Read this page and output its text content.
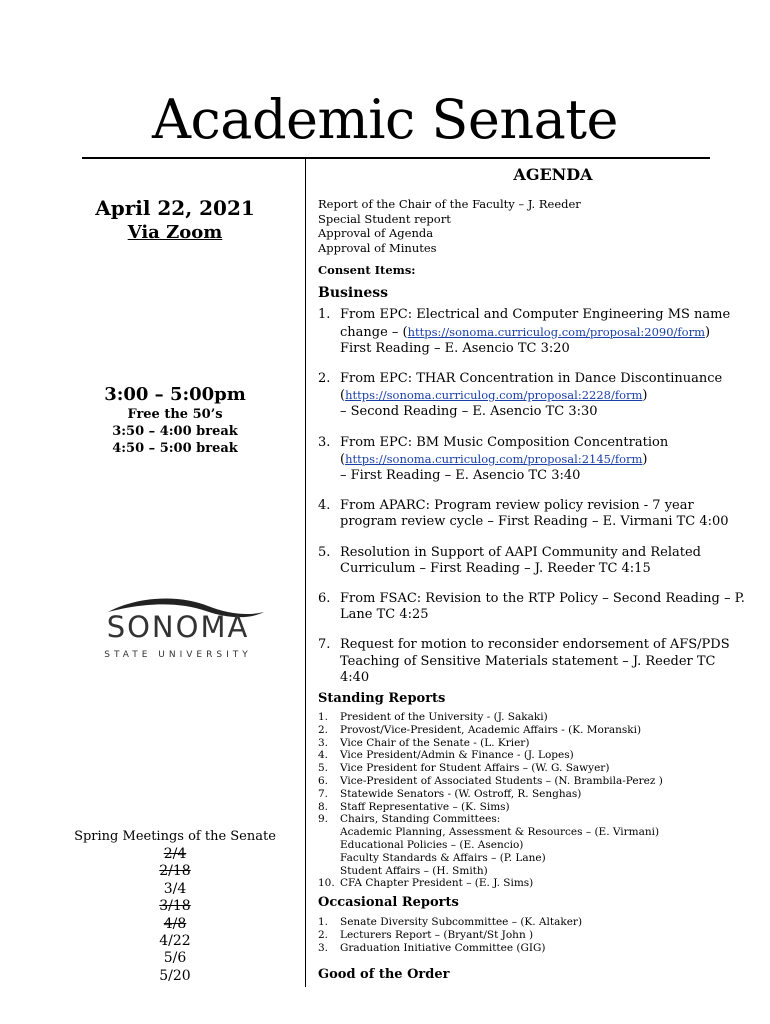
Academic Senate
April 22, 2021
Via Zoom
3:00 – 5:00pm
Free the 50’s
3:50 – 4:00 break
4:50 – 5:00 break
SONOMA
STATE UNIVERSITY
Spring Meetings of the Senate
2/4
2/18
3/4
3/18
4/8
4/22
5/6
5/20
AGENDA
Report of the Chair of the Faculty – J. Reeder
Special Student report
Approval of Agenda
Approval of Minutes
Consent Items:
Business
1. From EPC: Electrical and Computer Engineering MS name change – (https://sonoma.curriculog.com/proposal:2090/form)
First Reading – E. Asencio TC 3:20
2. From EPC: THAR Concentration in Dance Discontinuance (https://sonoma.curriculog.com/proposal:2228/form)
– Second Reading – E. Asencio TC 3:30
3. From EPC: BM Music Composition Concentration (https://sonoma.curriculog.com/proposal:2145/form)
– First Reading – E. Asencio TC 3:40
4. From APARC: Program review policy revision - 7 year program review cycle – First Reading – E. Virmani TC 4:00
5. Resolution in Support of AAPI Community and Related Curriculum – First Reading – J. Reeder TC 4:15
6. From FSAC: Revision to the RTP Policy – Second Reading – P. Lane TC 4:25
7. Request for motion to reconsider endorsement of AFS/PDS Teaching of Sensitive Materials statement – J. Reeder TC 4:40
Standing Reports
1. President of the University - (J. Sakaki)
2. Provost/Vice-President, Academic Affairs - (K. Moranski)
3. Vice Chair of the Senate - (L. Krier)
4. Vice President/Admin & Finance - (J. Lopes)
5. Vice President for Student Affairs – (W. G. Sawyer)
6. Vice-President of Associated Students – (N. Brambila-Perez )
7. Statewide Senators - (W. Ostroff, R. Senghas)
8. Staff Representative – (K. Sims)
9. Chairs, Standing Committees:
Academic Planning, Assessment & Resources – (E. Virmani)
Educational Policies – (E. Asencio)
Faculty Standards & Affairs – (P. Lane)
Student Affairs – (H. Smith)
10. CFA Chapter President – (E. J. Sims)
Occasional Reports
1. Senate Diversity Subcommittee – (K. Altaker)
2. Lecturers Report – (Bryant/St John )
3. Graduation Initiative Committee (GIG)
Good of the Order
